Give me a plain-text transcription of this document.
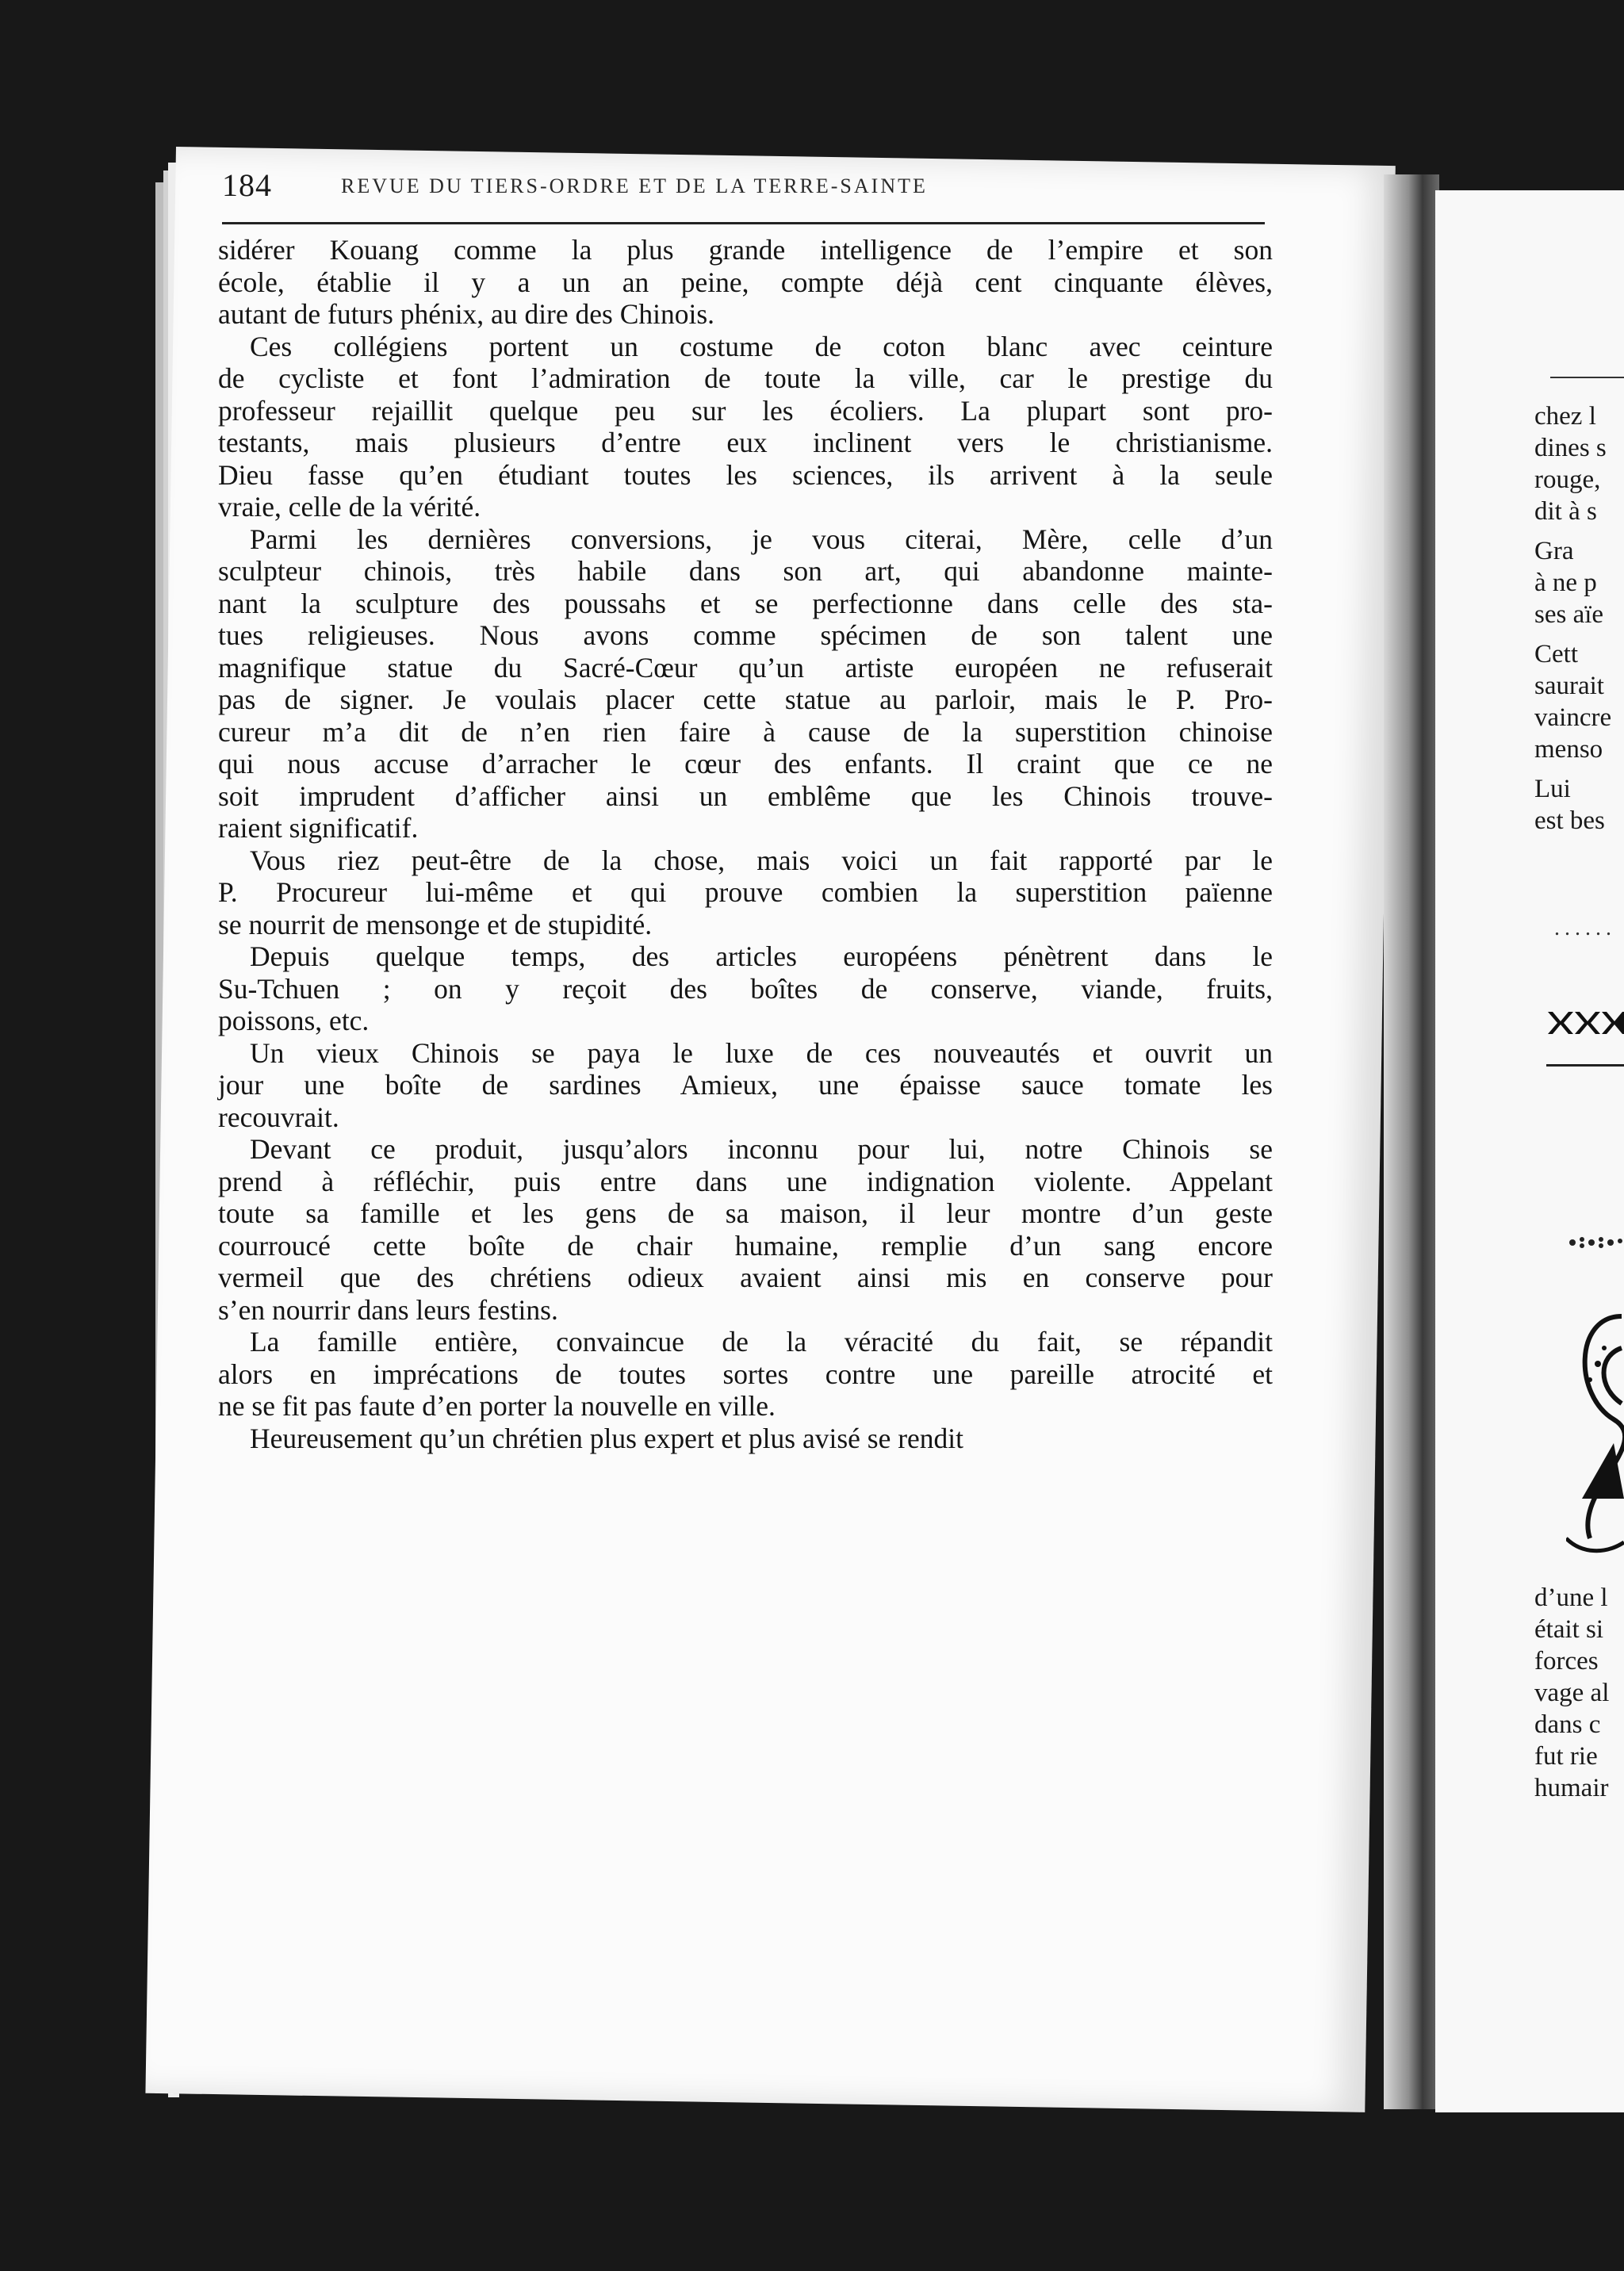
184	REVUE DU TIERS-ORDRE ET DE LA TERRE-SAINTE

sidérer Kouang comme la plus grande intelligence de l’empire et son
école, établie il y a un an peine, compte déjà cent cinquante élèves,
autant de futurs phénix, au dire des Chinois.

Ces collégiens portent un costume de coton blanc avec ceinture
de cycliste et font l’admiration de toute la ville, car le prestige du
professeur rejaillit quelque peu sur les écoliers. La plupart sont pro-
testants, mais plusieurs d’entre eux inclinent vers le christianisme.
Dieu fasse qu’en étudiant toutes les sciences, ils arrivent à la seule
vraie, celle de la vérité.

Parmi les dernières conversions, je vous citerai, Mère, celle d’un
sculpteur chinois, très habile dans son art, qui abandonne mainte-
nant la sculpture des poussahs et se perfectionne dans celle des sta-
tues religieuses. Nous avons comme spécimen de son talent une
magnifique statue du Sacré-Cœur qu’un artiste européen ne refuserait
pas de signer. Je voulais placer cette statue au parloir, mais le P. Pro-
cureur m’a dit de n’en rien faire à cause de la superstition chinoise
qui nous accuse d’arracher le cœur des enfants. Il craint que ce ne
soit imprudent d’afficher ainsi un emblême que les Chinois trouve-
raient significatif.

Vous riez peut-être de la chose, mais voici un fait rapporté par le
P. Procureur lui-même et qui prouve combien la superstition païenne
se nourrit de mensonge et de stupidité.

Depuis quelque temps, des articles européens pénètrent dans le
Su-Tchuen ; on y reçoit des boîtes de conserve, viande, fruits,
poissons, etc.

Un vieux Chinois se paya le luxe de ces nouveautés et ouvrit un
jour une boîte de sardines Amieux, une épaisse sauce tomate les
recouvrait.

Devant ce produit, jusqu’alors inconnu pour lui, notre Chinois se
prend à réfléchir, puis entre dans une indignation violente. Appelant
toute sa famille et les gens de sa maison, il leur montre d’un geste
courroucé cette boîte de chair humaine, remplie d’un sang encore
vermeil que des chrétiens odieux avaient ainsi mis en conserve pour
s’en nourrir dans leurs festins.

La famille entière, convaincue de la véracité du fait, se répandit
alors en imprécations de toutes sortes contre une pareille atrocité et
ne se fit pas faute d’en porter la nouvelle en ville.

Heureusement qu’un chrétien plus expert et plus avisé se rendit

chez l
dines s
rouge,
dit à s
Gra
à ne p
ses aïe
Cett
saurait
vaincre
menso
Lui
est bes
......
d’une l
était si
forces
vage al
dans c
fut rie
humair
